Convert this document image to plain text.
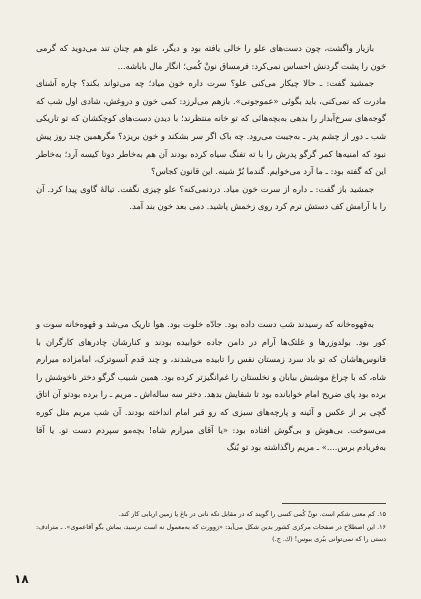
بازیار واگشت، چون دست‌های علو را خالی یافته بود و دیگر، علو هم چنان تند می‌دوید که گرمی خون را پشت گردنش احساس نمی‌کرد: فرمساق نونْ کُمی؛ انگار مال باباشه...

جمشید گفت: ـ حالا چیکار می‌کنی علو؟ سرت داره خون میاد؛ چه می‌تواند بکند؟ چاره آشنای مادرت که نمی‌کنی، باید بگوئی «عموجونی». بازهم می‌لرزد: کمی خون و دروغش، شادی اول شب که گوجه‌های سرخ‌آبدار را بدهی به‌بچه‌هائی که تو خانه منتظرند؛ با دیدن دست‌های کوچکشان که تو تاریکی شب ـ دور از چشم پدر ـ به‌جیبت می‌رود. چه باک اگر سر بشکند و خون بریزد؟ مگرهمین چند روز پیش نبود که امنیه‌ها کمر گرگو پدرش را با ته تفنگ سیاه کرده بودند آن هم به‌خاطر دوتا کیسه آرد؛ به‌خاطر این که گفته بود: ـ ما آرد می‌خوایم. گندما بُرْ شینه. این قانون کجاس؟

جمشید باز گفت: ـ داره از سرت خون میاد. دردنمی‌کنه؟ علو چیزی نگفت. تیالهٔ گاوی پیدا کرد. آن را با آرامش کف دستش نرم کرد روی زخمش پاشید. دمی بعد خون بند آمد.

به‌قهوه‌خانه که رسیدند شب دست داده بود. جادّه خلوت بود. هوا تاریک می‌شد و قهوه‌خانه سوت و کور بود. بولدوزرها و غلتک‌ها آرام در دامن جاده خوابیده بودند و کنارشان چادرهای کارگران با فانوس‌هاشان که تو باد سرد زمستان نفس را تابیده می‌شدند، و چند قدم آنسوترک، امامزاده میرارم شاه، که با چراغ موشیش بیابان و نخلستان را غم‌انگیزتر کرده بود. همین شبیب گرگو دختر ناخوشش را برده بود پای ضریح امام خوابانده بود تا شفایش بدهد. دختر سه ساله‌اش ـ مریم ـ را برده بودتو آن اتاق گچی بر از عکس و آئینه و پارچه‌های سبزی که رو قبر امام انداخته بودند. آن شب مریم مثل کوره می‌سوخت. بی‌هوش و بی‌گوش افتاده بود: «یا آقای میرارم شاه! بچه‌مو سپردم دست تو. یا آقا به‌فریادم برس....» ـ مریم راگذاشته بود تو بُنگ

۱۵. کم معنی شکم است. نونْ کُمی کسی را گویند که در مقابل تکه نانی در باغ یا زمین اربابی کار کند.
۱۶. این اصطلاح در صفحات مرکزی کشور بدین شکل می‌آید: «زوورت که به‌معمول نه است نرسید، بماش بگو آقاعموی». ـ مترادف: دستی را که نمی‌توانی ببُری ببوس! (ك. ج.)
۱۸
